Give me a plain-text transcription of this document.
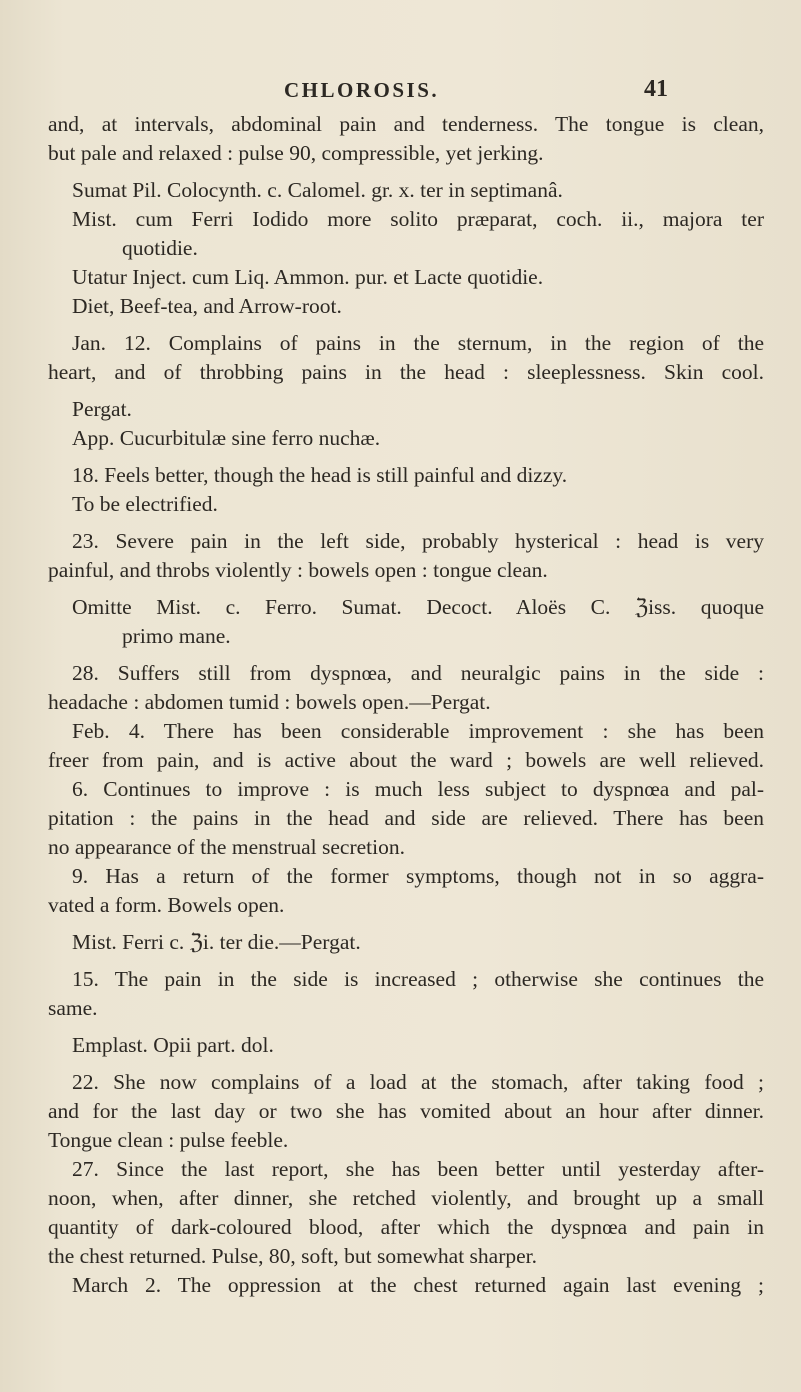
CHLOROSIS.	41
and, at intervals, abdominal pain and tenderness. The tongue is clean,
but pale and relaxed : pulse 90, compressible, yet jerking.
Sumat Pil. Colocynth. c. Calomel. gr. x. ter in septimanâ.
Mist. cum Ferri Iodido more solito præparat, coch. ii., majora ter
quotidie.
Utatur Inject. cum Liq. Ammon. pur. et Lacte quotidie.
Diet, Beef-tea, and Arrow-root.
Jan. 12. Complains of pains in the sternum, in the region of the
heart, and of throbbing pains in the head : sleeplessness. Skin cool.
Pergat.
App. Cucurbitulæ sine ferro nuchæ.
18. Feels better, though the head is still painful and dizzy.
To be electrified.
23. Severe pain in the left side, probably hysterical : head is very
painful, and throbs violently : bowels open : tongue clean.
Omitte Mist. c. Ferro. Sumat. Decoct. Aloës C. ℨiss. quoque
primo mane.
28. Suffers still from dyspnœa, and neuralgic pains in the side :
headache : abdomen tumid : bowels open.—Pergat.
Feb. 4. There has been considerable improvement : she has been
freer from pain, and is active about the ward ; bowels are well relieved.
6. Continues to improve : is much less subject to dyspnœa and pal-
pitation : the pains in the head and side are relieved. There has been
no appearance of the menstrual secretion.
9. Has a return of the former symptoms, though not in so aggra-
vated a form. Bowels open.
Mist. Ferri c. ℨi. ter die.—Pergat.
15. The pain in the side is increased ; otherwise she continues the
same.
Emplast. Opii part. dol.
22. She now complains of a load at the stomach, after taking food ;
and for the last day or two she has vomited about an hour after dinner.
Tongue clean : pulse feeble.
27. Since the last report, she has been better until yesterday after-
noon, when, after dinner, she retched violently, and brought up a small
quantity of dark-coloured blood, after which the dyspnœa and pain in
the chest returned. Pulse, 80, soft, but somewhat sharper.
March 2. The oppression at the chest returned again last evening ;
